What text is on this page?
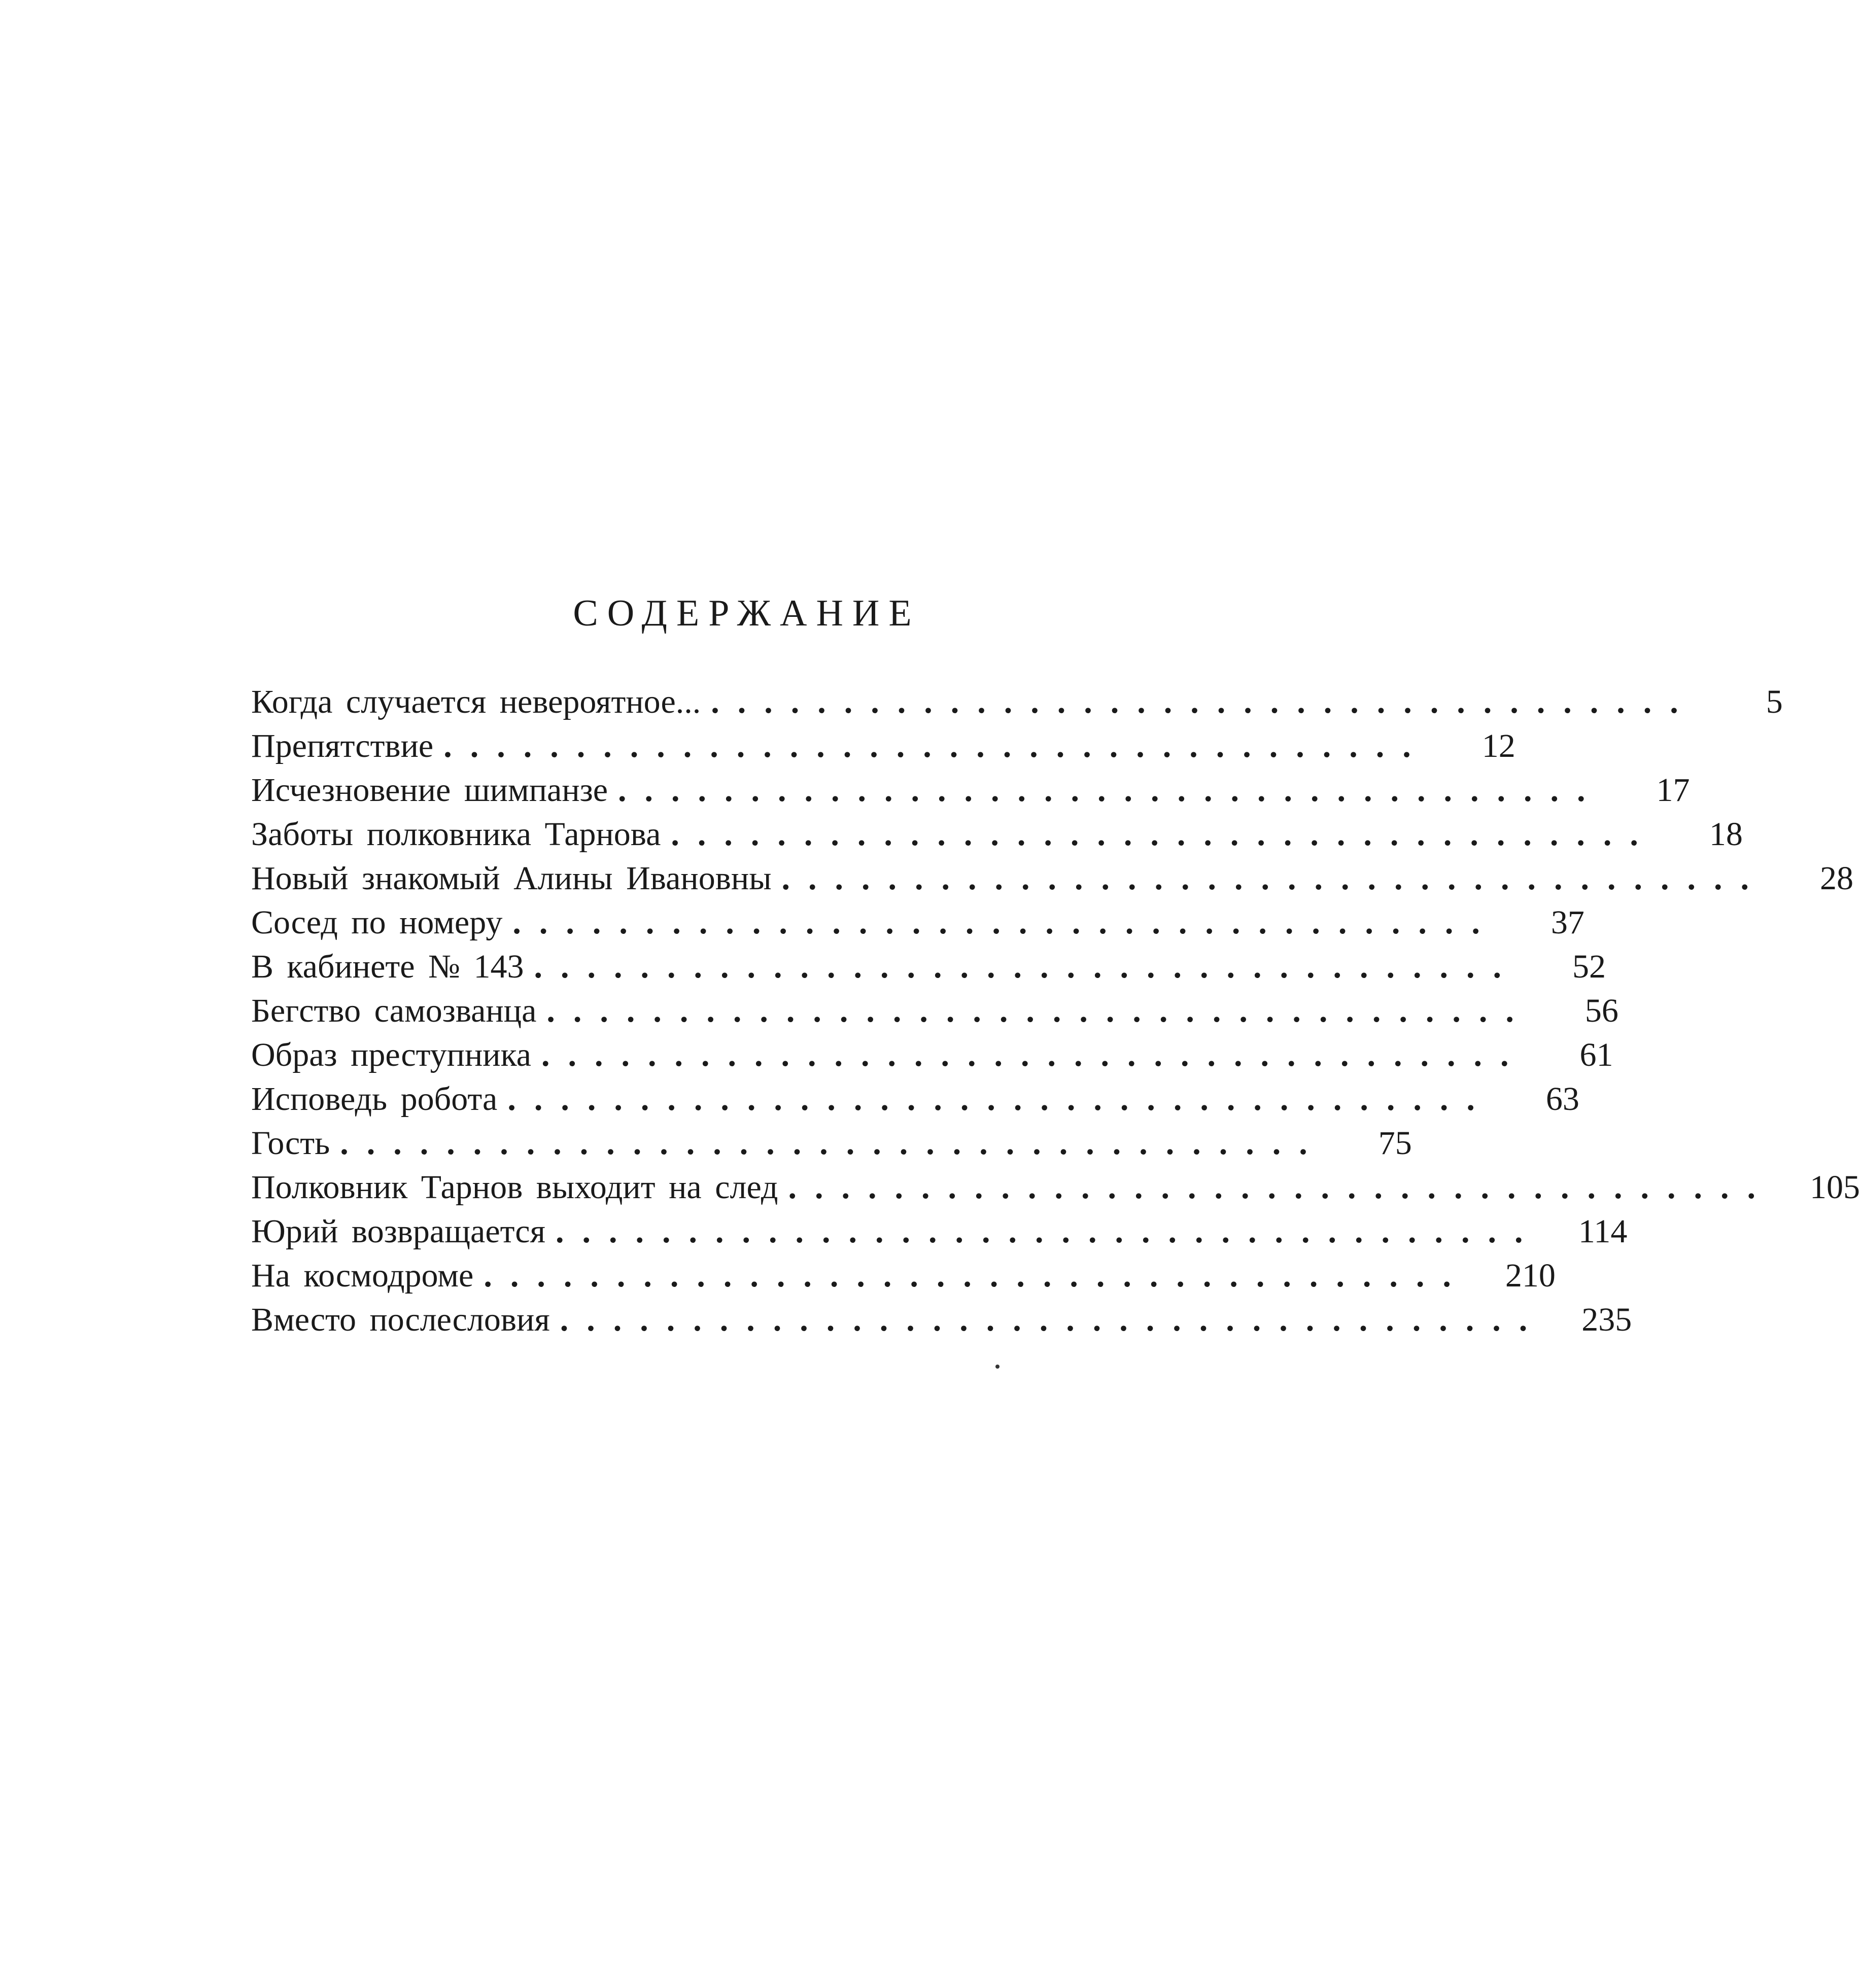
СОДЕРЖАНИЕ
Когда случается невероятное... .....................................	5
Препятствие .....................................	12
Исчезновение шимпанзе .....................................	17
Заботы полковника Тарнова .....................................	18
Новый знакомый Алины Ивановны .....................................	28
Сосед по номеру .....................................	37
В кабинете № 143 .....................................	52
Бегство самозванца .....................................	56
Образ преступника .....................................	61
Исповедь робота .....................................	63
Гость .....................................	75
Полковник Тарнов выходит на след .....................................	105
Юрий возвращается .....................................	114
На космодроме .....................................	210
Вместо послесловия .....................................	235
